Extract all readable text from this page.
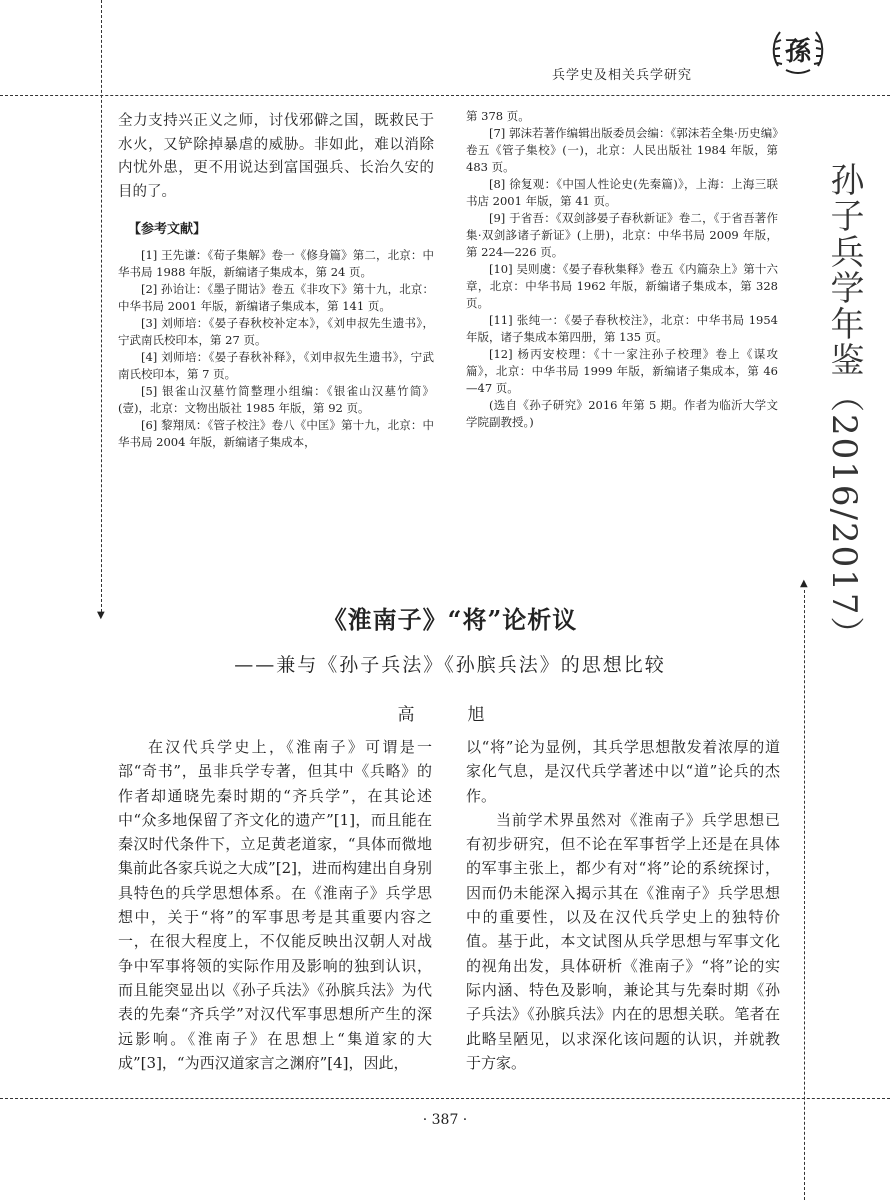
▼
▲
孫
兵学史及相关兵学研究
孙子兵学年鉴（2016/2017）

全力支持兴正义之师，讨伐邪僻之国，既救民于水火，又铲除掉暴虐的威胁。非如此，难以消除内忧外患，更不用说达到富国强兵、长治久安的目的了。

【参考文献】

[1] 王先谦：《荀子集解》卷一《修身篇》第二，北京：中华书局 1988 年版，新编诸子集成本，第 24 页。

[2] 孙诒让：《墨子閒诂》卷五《非攻下》第十九，北京：中华书局 2001 年版，新编诸子集成本，第 141 页。

[3] 刘师培：《晏子春秋校补定本》，《刘申叔先生遗书》，宁武南氏校印本，第 27 页。

[4] 刘师培：《晏子春秋补释》，《刘申叔先生遗书》，宁武南氏校印本，第 7 页。

[5] 银雀山汉墓竹简整理小组编：《银雀山汉墓竹简》(壹)，北京：文物出版社 1985 年版，第 92 页。

[6] 黎翔凤：《管子校注》卷八《中匡》第十九，北京：中华书局 2004 年版，新编诸子集成本，

第 378 页。

[7] 郭沫若著作编辑出版委员会编：《郭沫若全集·历史编》卷五《管子集校》(一)，北京：人民出版社 1984 年版，第 483 页。

[8] 徐复观：《中国人性论史(先秦篇)》，上海：上海三联书店 2001 年版，第 41 页。

[9] 于省吾：《双剑誃晏子春秋新证》卷二，《于省吾著作集·双剑誃诸子新证》(上册)，北京：中华书局 2009 年版，第 224—226 页。

[10] 吴则虞：《晏子春秋集释》卷五《内篇杂上》第十六章，北京：中华书局 1962 年版，新编诸子集成本，第 328 页。

[11] 张纯一：《晏子春秋校注》，北京：中华书局 1954 年版，诸子集成本第四册，第 135 页。

[12] 杨丙安校理：《十一家注孙子校理》卷上《谋攻篇》，北京：中华书局 1999 年版，新编诸子集成本，第 46—47 页。

(选自《孙子研究》2016 年第 5 期。作者为临沂大学文学院副教授。)

《淮南子》“将”论析议
——兼与《孙子兵法》《孙膑兵法》的思想比较
高　旭

在汉代兵学史上，《淮南子》可谓是一部“奇书”，虽非兵学专著，但其中《兵略》的作者却通晓先秦时期的“齐兵学”，在其论述中“众多地保留了齐文化的遗产”[1]，而且能在秦汉时代条件下，立足黄老道家，“具体而微地集前此各家兵说之大成”[2]，进而构建出自身别具特色的兵学思想体系。在《淮南子》兵学思想中，关于“将”的军事思考是其重要内容之一，在很大程度上，不仅能反映出汉朝人对战争中军事将领的实际作用及影响的独到认识，而且能突显出以《孙子兵法》《孙膑兵法》为代表的先秦“齐兵学”对汉代军事思想所产生的深远影响。《淮南子》在思想上“集道家的大成”[3]，“为西汉道家言之渊府”[4]，因此，

以“将”论为显例，其兵学思想散发着浓厚的道家化气息，是汉代兵学著述中以“道”论兵的杰作。

当前学术界虽然对《淮南子》兵学思想已有初步研究，但不论在军事哲学上还是在具体的军事主张上，都少有对“将”论的系统探讨，因而仍未能深入揭示其在《淮南子》兵学思想中的重要性，以及在汉代兵学史上的独特价值。基于此，本文试图从兵学思想与军事文化的视角出发，具体研析《淮南子》“将”论的实际内涵、特色及影响，兼论其与先秦时期《孙子兵法》《孙膑兵法》内在的思想关联。笔者在此略呈陋见，以求深化该问题的认识，并就教于方家。

· 387 ·
